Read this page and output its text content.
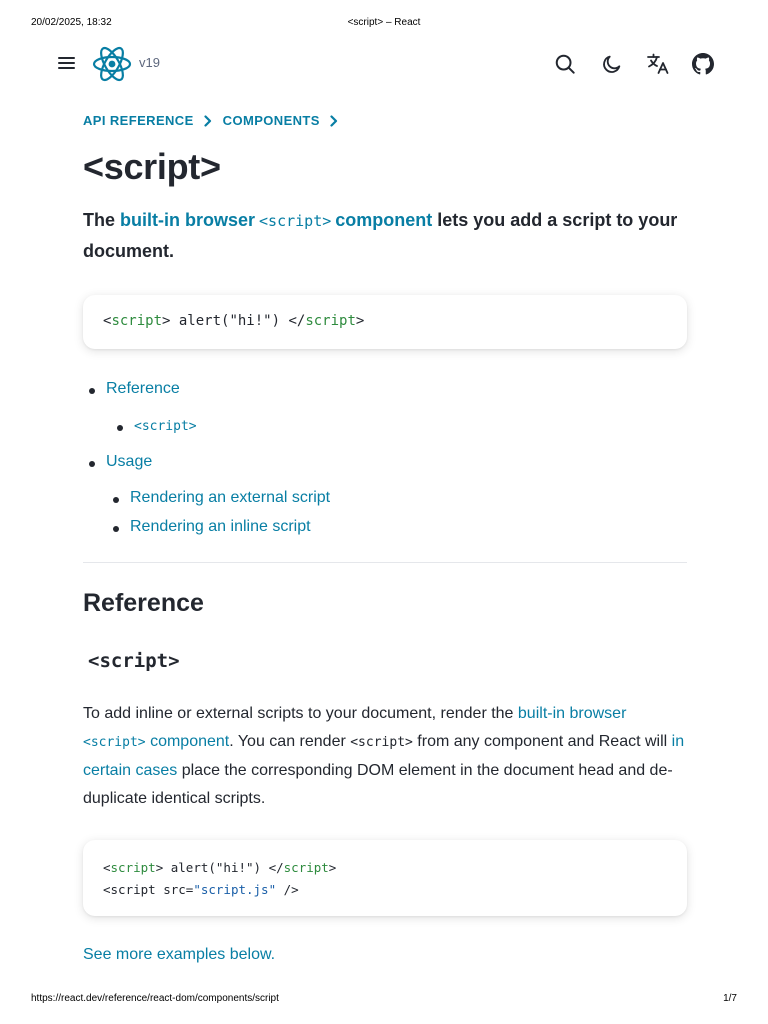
20/02/2025, 18:32	<script> – React
v19
API REFERENCE COMPONENTS
<script>

The built-in browser <script> component lets you add a script to your document.

<script> alert("hi!") </script>
Reference
<script>
Usage
Rendering an external script
Rendering an inline script
Reference
<script>

To add inline or external scripts to your document, render the built-in browser <script> component. You can render <script> from any component and React will in certain cases place the corresponding DOM element in the document head and de-duplicate identical scripts.

<script> alert("hi!") </script>
<script src="script.js" />
See more examples below.
https://react.dev/reference/react-dom/components/script	1/7
